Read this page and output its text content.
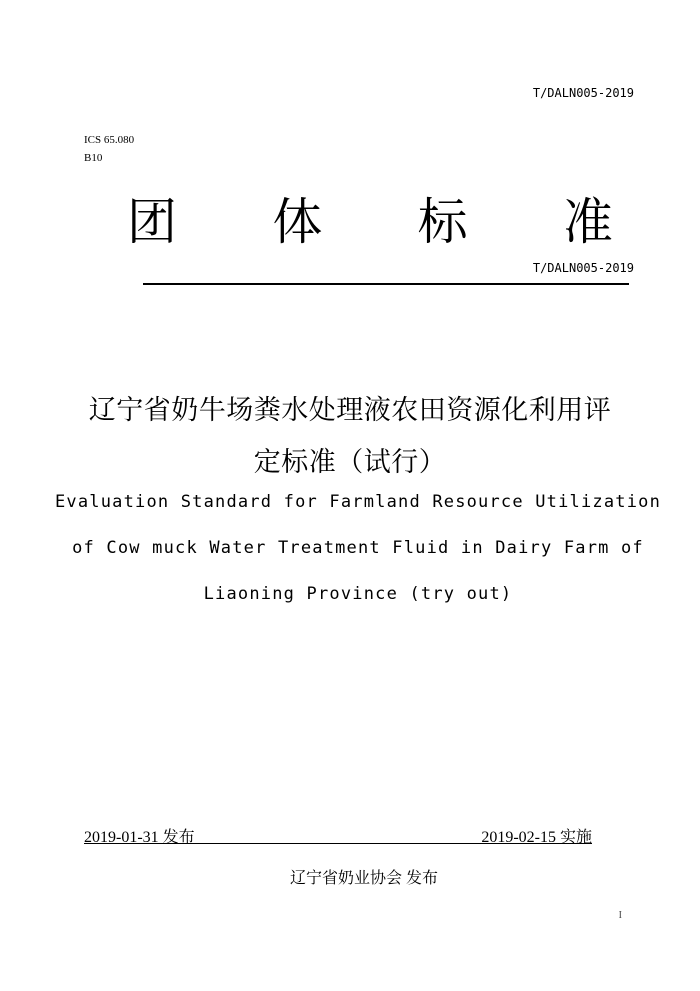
T/DALN005-2019
ICS 65.080
B10
团 体 标 准
T/DALN005-2019
辽宁省奶牛场粪水处理液农田资源化利用评
定标准（试行）
Evaluation Standard for Farmland Resource Utilization
of Cow muck Water Treatment Fluid in Dairy Farm of
Liaoning Province (try out)
2019-01-31 发布	2019-02-15 实施
辽宁省奶业协会 发布
I
